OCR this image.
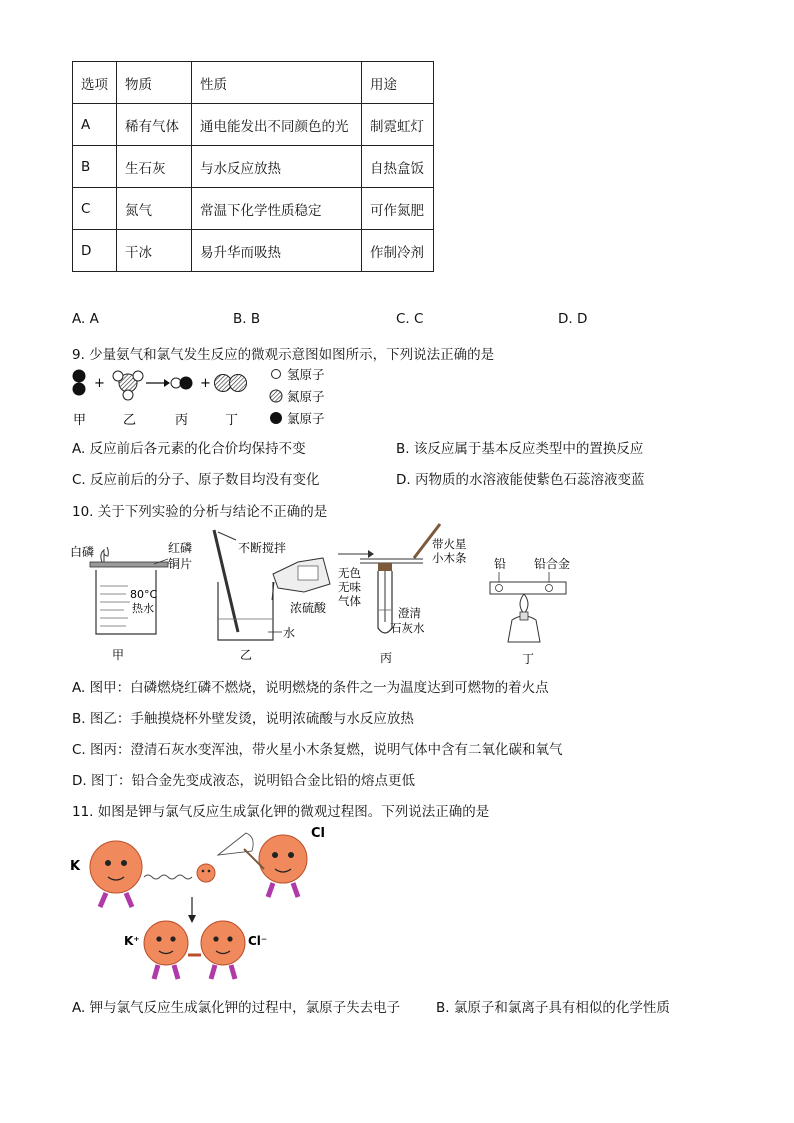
选项	物质	性质	用途
A	稀有气体	通电能发出不同颜色的光	制霓虹灯
B	生石灰	与水反应放热	自热盒饭
C	氮气	常温下化学性质稳定	可作氮肥
D	干冰	易升华而吸热	作制冷剂
A. A	B. B	C. C	D. D
9. 少量氨气和氯气发生反应的微观示意图如图所示，下列说法正确的是
+	+
氢原子
氮原子
氯原子
甲	乙	丙	丁
A. 反应前后各元素的化合价均保持不变	B. 该反应属于基本反应类型中的置换反应
C. 反应前后的分子、原子数目均没有变化	D. 丙物质的水溶液能使紫色石蕊溶液变蓝
10. 关于下列实验的分析与结论不正确的是
白磷	红磷
铜片
80°C
热水
甲
不断搅拌
浓硫酸
水
乙
无色
无味
气体
带火星
小木条
澄清
石灰水
丙
铅 铅合金
丁
A. 图甲：白磷燃烧红磷不燃烧，说明燃烧的条件之一为温度达到可燃物的着火点
B. 图乙：手触摸烧杯外壁发烫，说明浓硫酸与水反应放热
C. 图丙：澄清石灰水变浑浊，带火星小木条复燃，说明气体中含有二氧化碳和氧气
D. 图丁：铅合金先变成液态，说明铅合金比铅的熔点更低
11. 如图是钾与氯气反应生成氯化钾的微观过程图。下列说法正确的是
K
Cl
K⁺	Cl⁻
A. 钾与氯气反应生成氯化钾的过程中，氯原子失去电子	B. 氯原子和氯离子具有相似的化学性质
